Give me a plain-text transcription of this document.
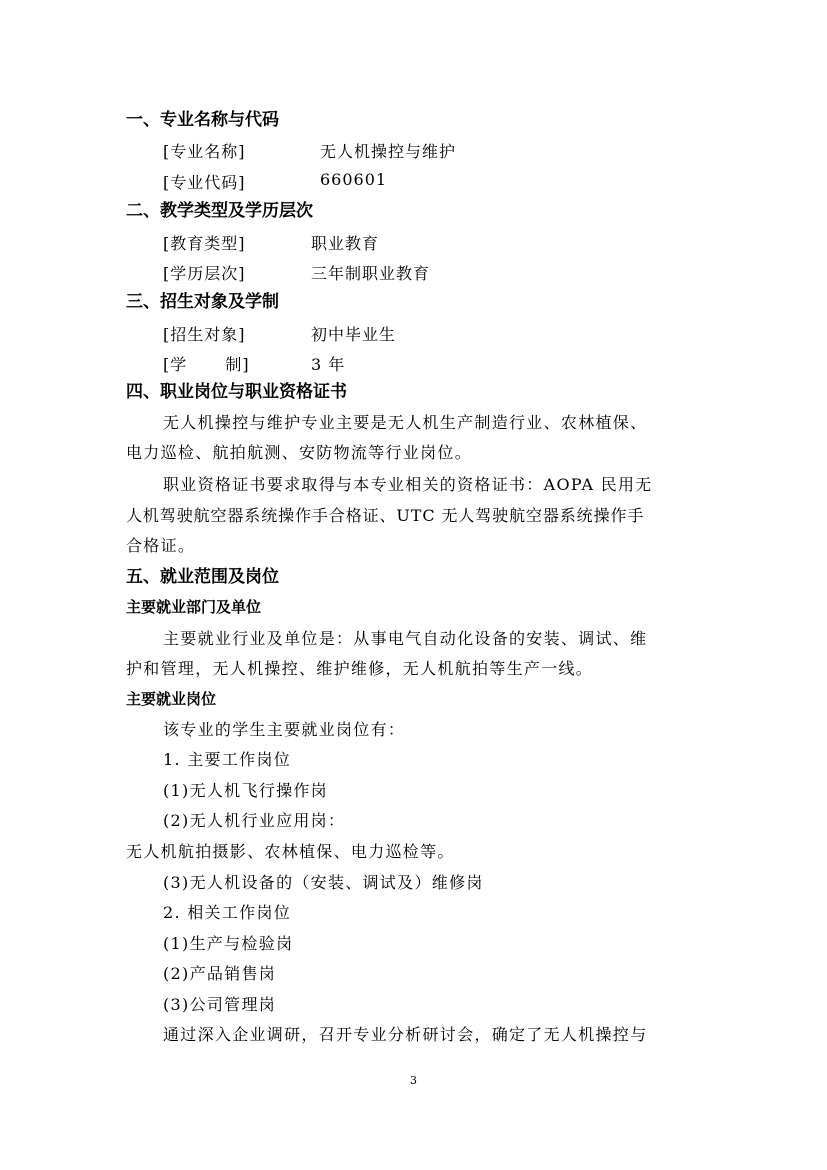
一、专业名称与代码
[专业名称]	无人机操控与维护
[专业代码]	660601
二、教学类型及学历层次
[教育类型]	职业教育
[学历层次]	三年制职业教育
三、招生对象及学制
[招生对象]	初中毕业生
[学 制]	3 年
四、职业岗位与职业资格证书
无人机操控与维护专业主要是无人机生产制造行业、农林植保、
电力巡检、航拍航测、安防物流等行业岗位。
职业资格证书要求取得与本专业相关的资格证书：AOPA 民用无
人机驾驶航空器系统操作手合格证、UTC 无人驾驶航空器系统操作手
合格证。
五、就业范围及岗位
主要就业部门及单位
主要就业行业及单位是：从事电气自动化设备的安装、调试、维
护和管理，无人机操控、维护维修，无人机航拍等生产一线。
主要就业岗位
该专业的学生主要就业岗位有：
1. 主要工作岗位
(1)无人机飞行操作岗
(2)无人机行业应用岗：
无人机航拍摄影、农林植保、电力巡检等。
(3)无人机设备的（安装、调试及）维修岗
2. 相关工作岗位
(1)生产与检验岗
(2)产品销售岗
(3)公司管理岗
通过深入企业调研，召开专业分析研讨会，确定了无人机操控与
3
